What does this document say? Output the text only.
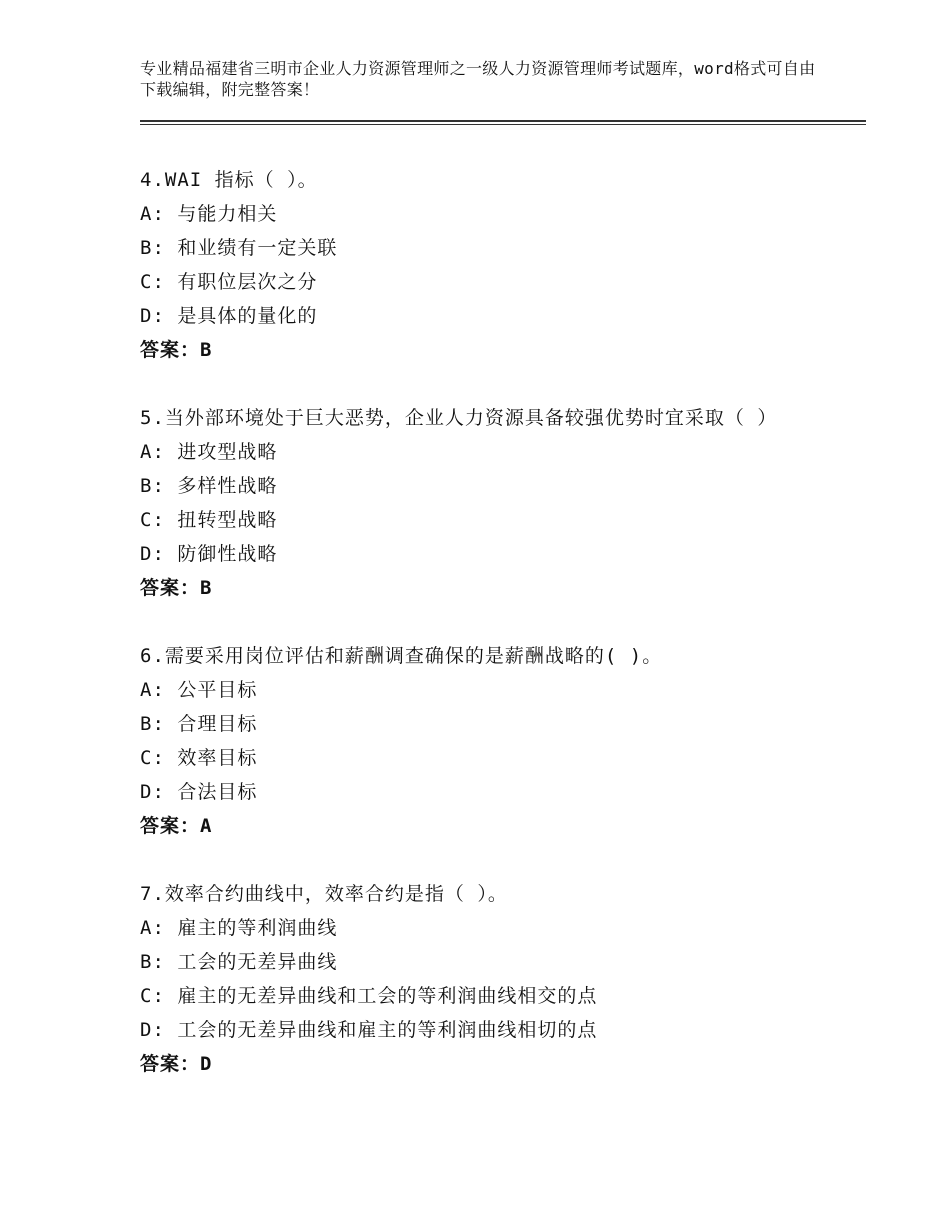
专业精品福建省三明市企业人力资源管理师之一级人力资源管理师考试题库，word格式可自由下载编辑，附完整答案！
4.WAI 指标（ ）。
A: 与能力相关
B: 和业绩有一定关联
C: 有职位层次之分
D: 是具体的量化的
答案：B
5.当外部环境处于巨大恶势，企业人力资源具备较强优势时宜采取（ ）
A: 进攻型战略
B: 多样性战略
C: 扭转型战略
D: 防御性战略
答案：B
6.需要采用岗位评估和薪酬调查确保的是薪酬战略的( )。
A: 公平目标
B: 合理目标
C: 效率目标
D: 合法目标
答案：A
7.效率合约曲线中，效率合约是指（ ）。
A: 雇主的等利润曲线
B: 工会的无差异曲线
C: 雇主的无差异曲线和工会的等利润曲线相交的点
D: 工会的无差异曲线和雇主的等利润曲线相切的点
答案：D
